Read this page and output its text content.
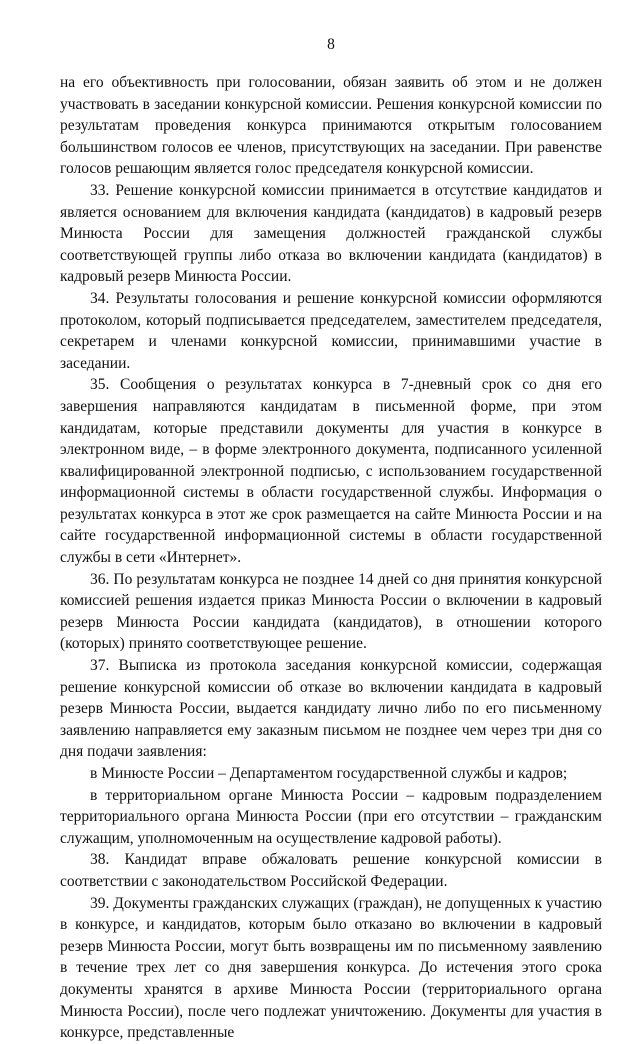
8

на его объективность при голосовании, обязан заявить об этом и не должен участвовать в заседании конкурсной комиссии. Решения конкурсной комиссии по результатам проведения конкурса принимаются открытым голосованием большинством голосов ее членов, присутствующих на заседании. При равенстве голосов решающим является голос председателя конкурсной комиссии.

33. Решение конкурсной комиссии принимается в отсутствие кандидатов и является основанием для включения кандидата (кандидатов) в кадровый резерв Минюста России для замещения должностей гражданской службы соответствующей группы либо отказа во включении кандидата (кандидатов) в кадровый резерв Минюста России.

34. Результаты голосования и решение конкурсной комиссии оформляются протоколом, который подписывается председателем, заместителем председателя, секретарем и членами конкурсной комиссии, принимавшими участие в заседании.

35. Сообщения о результатах конкурса в 7-дневный срок со дня его завершения направляются кандидатам в письменной форме, при этом кандидатам, которые представили документы для участия в конкурсе в электронном виде, – в форме электронного документа, подписанного усиленной квалифицированной электронной подписью, с использованием государственной информационной системы в области государственной службы. Информация о результатах конкурса в этот же срок размещается на сайте Минюста России и на сайте государственной информационной системы в области государственной службы в сети «Интернет».

36. По результатам конкурса не позднее 14 дней со дня принятия конкурсной комиссией решения издается приказ Минюста России о включении в кадровый резерв Минюста России кандидата (кандидатов), в отношении которого (которых) принято соответствующее решение.

37. Выписка из протокола заседания конкурсной комиссии, содержащая решение конкурсной комиссии об отказе во включении кандидата в кадровый резерв Минюста России, выдается кандидату лично либо по его письменному заявлению направляется ему заказным письмом не позднее чем через три дня со дня подачи заявления:

в Минюсте России – Департаментом государственной службы и кадров;

в территориальном органе Минюста России – кадровым подразделением территориального органа Минюста России (при его отсутствии – гражданским служащим, уполномоченным на осуществление кадровой работы).

38. Кандидат вправе обжаловать решение конкурсной комиссии в соответствии с законодательством Российской Федерации.

39. Документы гражданских служащих (граждан), не допущенных к участию в конкурсе, и кандидатов, которым было отказано во включении в кадровый резерв Минюста России, могут быть возвращены им по письменному заявлению в течение трех лет со дня завершения конкурса. До истечения этого срока документы хранятся в архиве Минюста России (территориального органа Минюста России), после чего подлежат уничтожению. Документы для участия в конкурсе, представленные
